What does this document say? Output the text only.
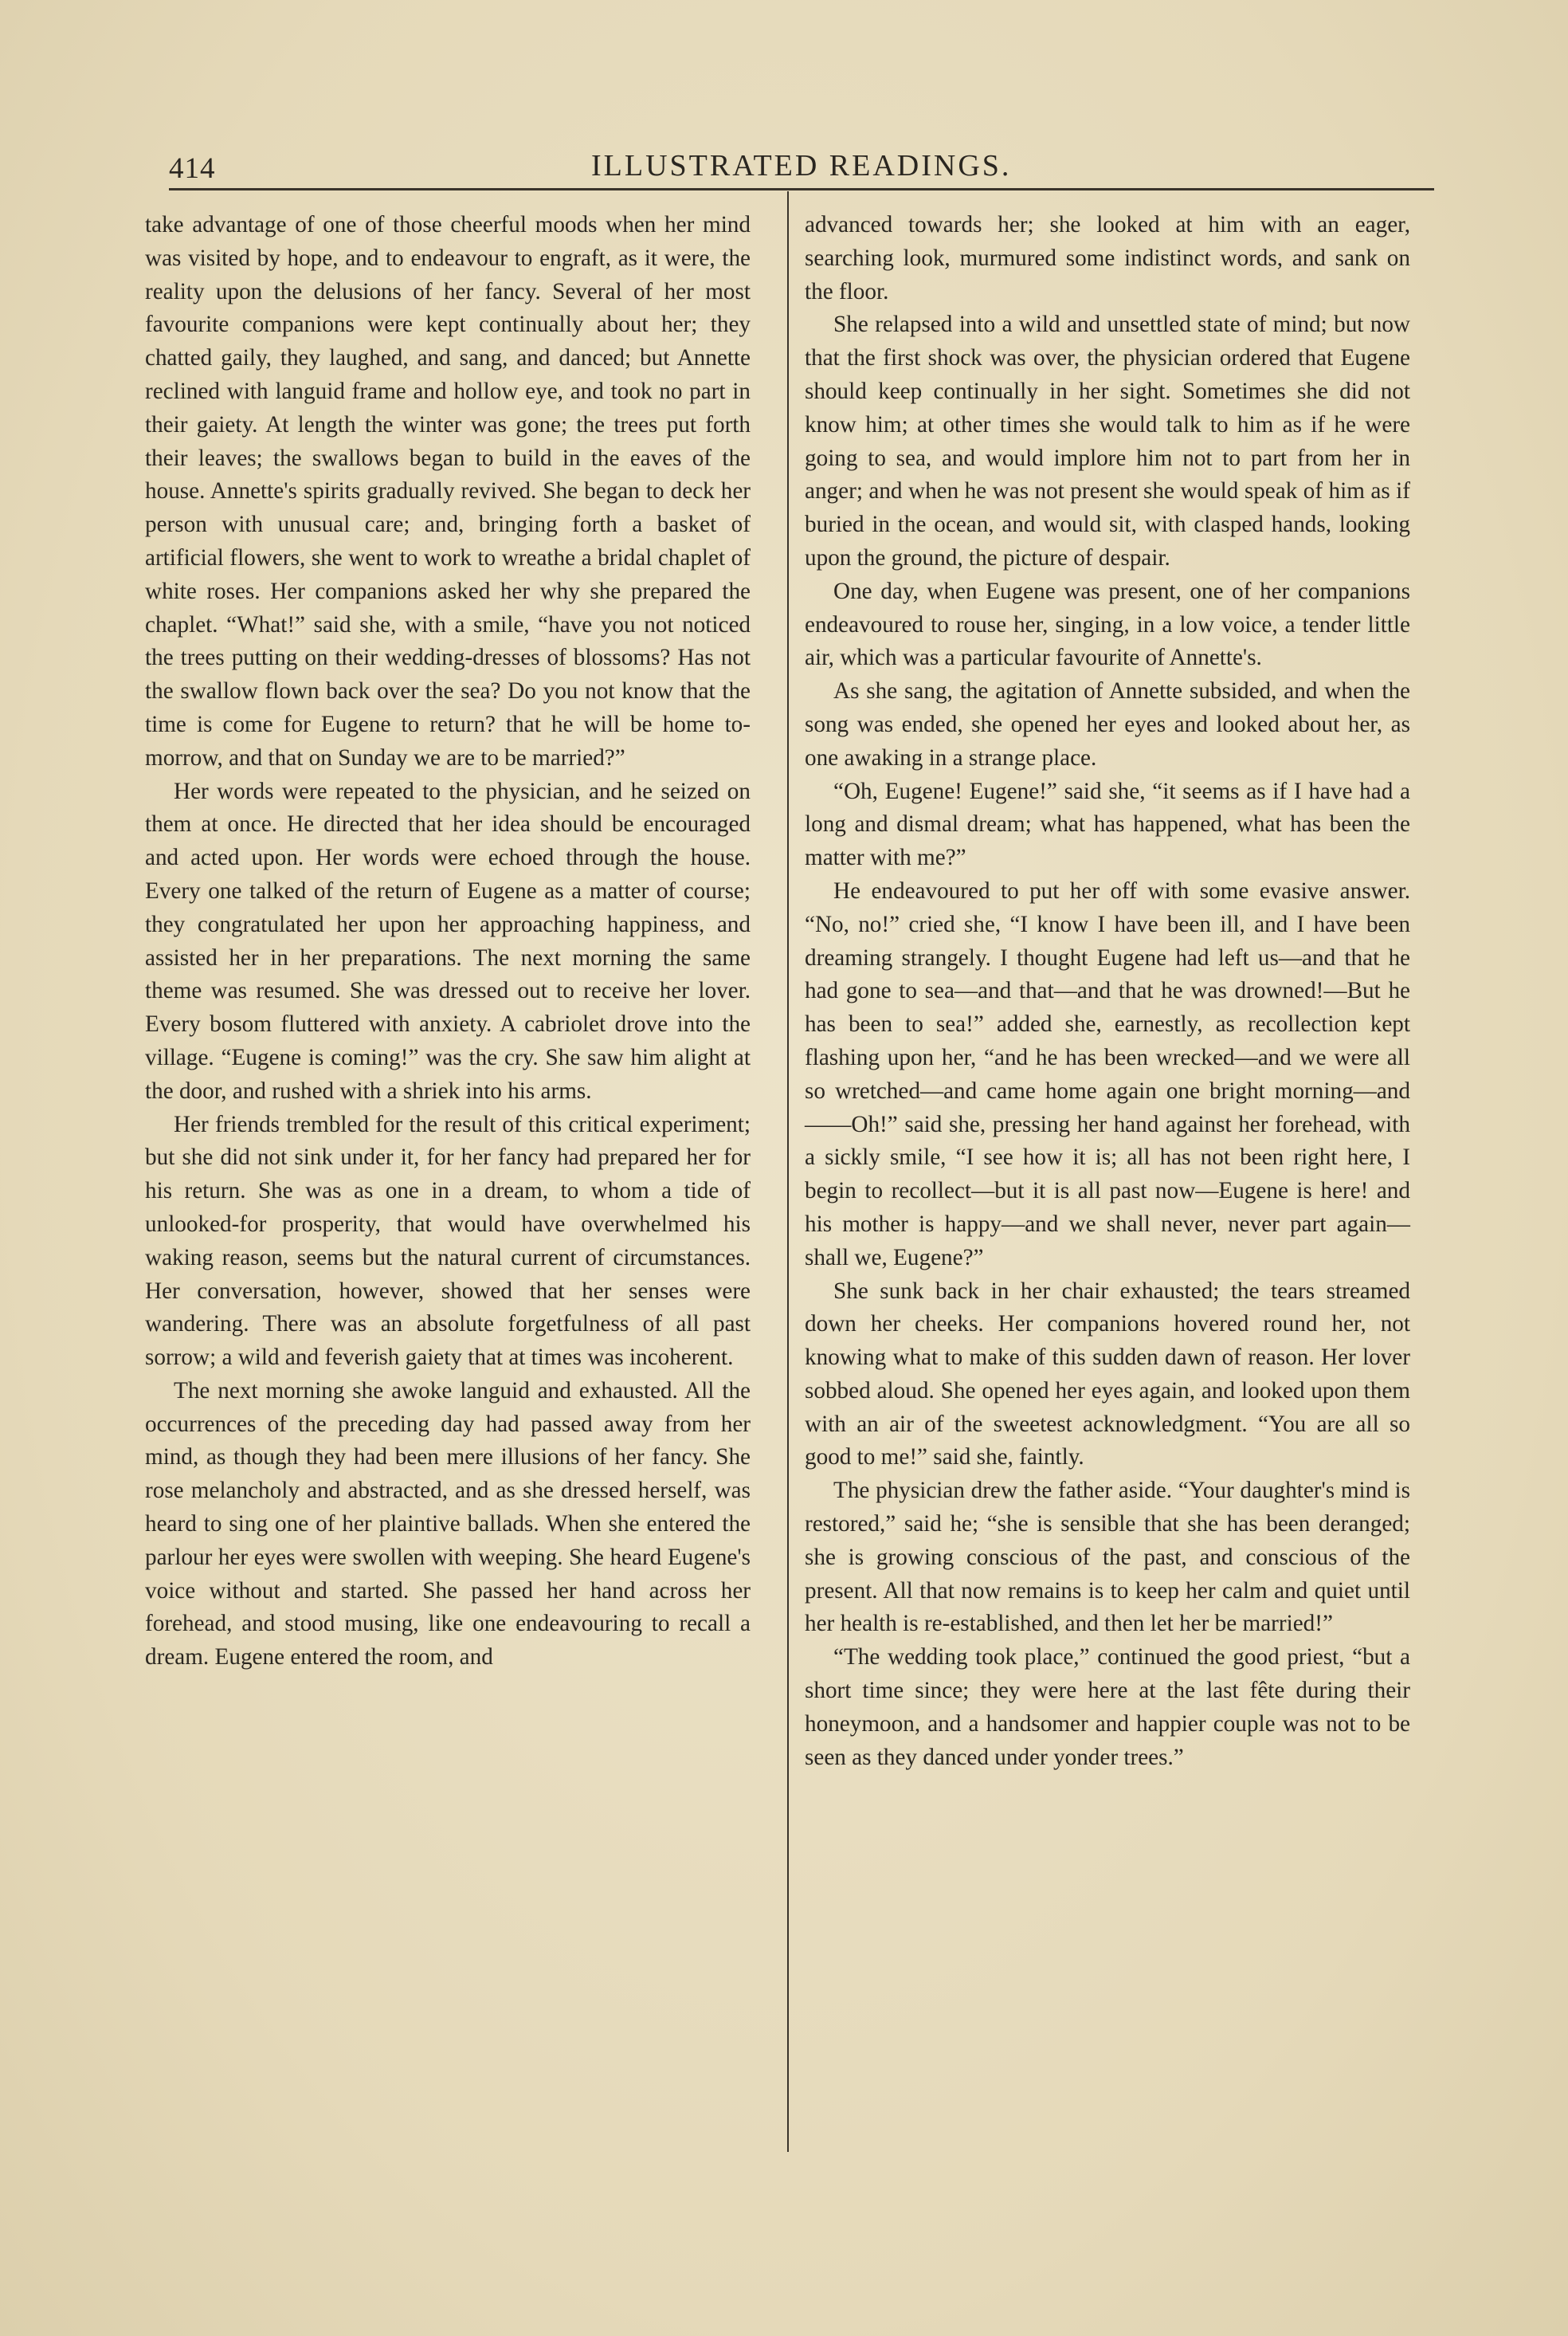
414	ILLUSTRATED READINGS.

take advantage of one of those cheerful moods when her mind was visited by hope, and to endeavour to engraft, as it were, the reality upon the delusions of her fancy. Several of her most favourite companions were kept continually about her; they chatted gaily, they laughed, and sang, and danced; but Annette reclined with languid frame and hollow eye, and took no part in their gaiety. At length the winter was gone; the trees put forth their leaves; the swallows began to build in the eaves of the house. Annette's spirits gradually revived. She began to deck her person with unusual care; and, bringing forth a basket of artificial flowers, she went to work to wreathe a bridal chaplet of white roses. Her companions asked her why she prepared the chaplet. “What!” said she, with a smile, “have you not noticed the trees putting on their wedding-dresses of blossoms? Has not the swallow flown back over the sea? Do you not know that the time is come for Eugene to return? that he will be home to-morrow, and that on Sunday we are to be married?”

Her words were repeated to the physician, and he seized on them at once. He directed that her idea should be encouraged and acted upon. Her words were echoed through the house. Every one talked of the return of Eugene as a matter of course; they congratulated her upon her approaching happiness, and assisted her in her preparations. The next morning the same theme was resumed. She was dressed out to receive her lover. Every bosom fluttered with anxiety. A cabriolet drove into the village. “Eugene is coming!” was the cry. She saw him alight at the door, and rushed with a shriek into his arms.

Her friends trembled for the result of this critical experiment; but she did not sink under it, for her fancy had prepared her for his return. She was as one in a dream, to whom a tide of unlooked-for prosperity, that would have overwhelmed his waking reason, seems but the natural current of circumstances. Her conversation, however, showed that her senses were wandering. There was an absolute forgetfulness of all past sorrow; a wild and feverish gaiety that at times was incoherent.

The next morning she awoke languid and exhausted. All the occurrences of the preceding day had passed away from her mind, as though they had been mere illusions of her fancy. She rose melancholy and abstracted, and as she dressed herself, was heard to sing one of her plaintive ballads. When she entered the parlour her eyes were swollen with weeping. She heard Eugene's voice without and started. She passed her hand across her forehead, and stood musing, like one endeavouring to recall a dream. Eugene entered the room, and

advanced towards her; she looked at him with an eager, searching look, murmured some indistinct words, and sank on the floor.

She relapsed into a wild and unsettled state of mind; but now that the first shock was over, the physician ordered that Eugene should keep continually in her sight. Sometimes she did not know him; at other times she would talk to him as if he were going to sea, and would implore him not to part from her in anger; and when he was not present she would speak of him as if buried in the ocean, and would sit, with clasped hands, looking upon the ground, the picture of despair.

One day, when Eugene was present, one of her companions endeavoured to rouse her, singing, in a low voice, a tender little air, which was a particular favourite of Annette's.

As she sang, the agitation of Annette subsided, and when the song was ended, she opened her eyes and looked about her, as one awaking in a strange place.

“Oh, Eugene! Eugene!” said she, “it seems as if I have had a long and dismal dream; what has happened, what has been the matter with me?”

He endeavoured to put her off with some evasive answer. “No, no!” cried she, “I know I have been ill, and I have been dreaming strangely. I thought Eugene had left us—and that he had gone to sea—and that—and that he was drowned!—But he has been to sea!” added she, earnestly, as recollection kept flashing upon her, “and he has been wrecked—and we were all so wretched—and came home again one bright morning—and ——Oh!” said she, pressing her hand against her forehead, with a sickly smile, “I see how it is; all has not been right here, I begin to recollect—but it is all past now—Eugene is here! and his mother is happy—and we shall never, never part again—shall we, Eugene?”

She sunk back in her chair exhausted; the tears streamed down her cheeks. Her companions hovered round her, not knowing what to make of this sudden dawn of reason. Her lover sobbed aloud. She opened her eyes again, and looked upon them with an air of the sweetest acknowledgment. “You are all so good to me!” said she, faintly.

The physician drew the father aside. “Your daughter's mind is restored,” said he; “she is sensible that she has been deranged; she is growing conscious of the past, and conscious of the present. All that now remains is to keep her calm and quiet until her health is re-established, and then let her be married!”

“The wedding took place,” continued the good priest, “but a short time since; they were here at the last fête during their honeymoon, and a handsomer and happier couple was not to be seen as they danced under yonder trees.”
